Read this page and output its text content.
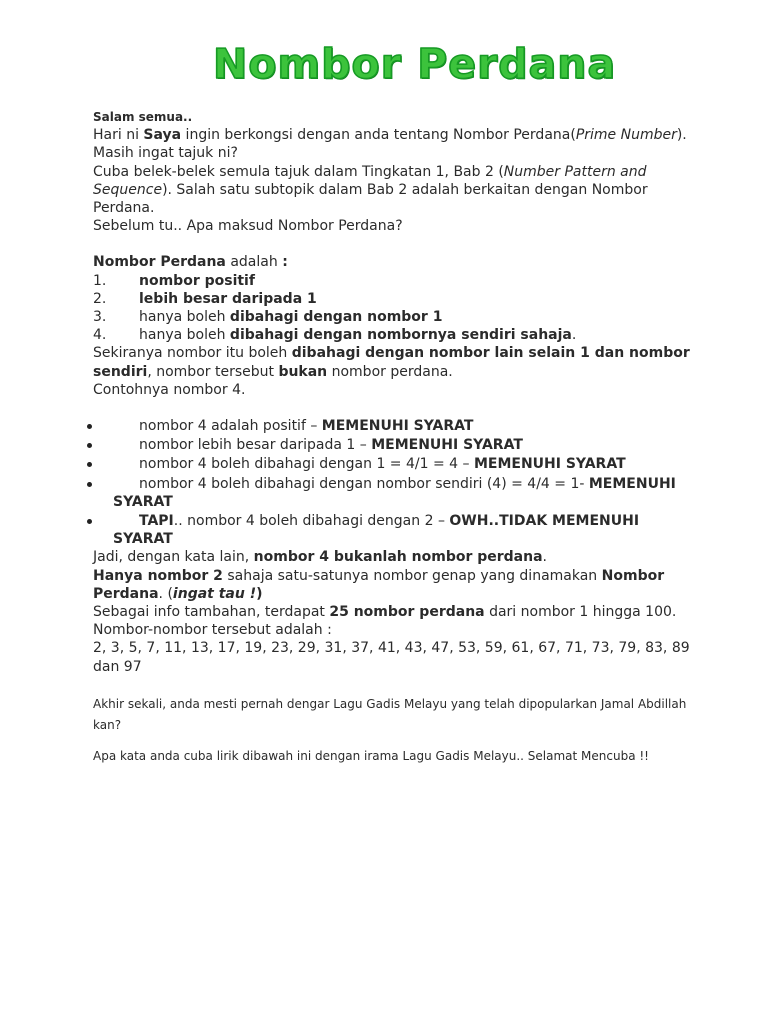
Nombor Perdana

Salam semua..

Hari ni Saya ingin berkongsi dengan anda tentang Nombor Perdana(Prime Number).

Masih ingat tajuk ni?

Cuba belek-belek semula tajuk dalam Tingkatan 1, Bab 2 (Number Pattern and

Sequence). Salah satu subtopik dalam Bab 2 adalah berkaitan dengan Nombor

Perdana.

Sebelum tu.. Apa maksud Nombor Perdana?

Nombor Perdana adalah :

1. nombor positif
2. lebih besar daripada 1
3. hanya boleh dibahagi dengan nombor 1
4. hanya boleh dibahagi dengan nombornya sendiri sahaja.

Sekiranya nombor itu boleh dibahagi dengan nombor lain selain 1 dan nombor

sendiri, nombor tersebut bukan nombor perdana.

Contohnya nombor 4.

nombor 4 adalah positif – MEMENUHI SYARAT
nombor lebih besar daripada 1 – MEMENUHI SYARAT
nombor 4 boleh dibahagi dengan 1 = 4/1 = 4 – MEMENUHI SYARAT
nombor 4 boleh dibahagi dengan nombor sendiri (4) = 4/4 = 1- MEMENUHI
SYARAT
TAPI.. nombor 4 boleh dibahagi dengan 2 – OWH..TIDAK MEMENUHI
SYARAT

Jadi, dengan kata lain, nombor 4 bukanlah nombor perdana.

Hanya nombor 2 sahaja satu-satunya nombor genap yang dinamakan Nombor

Perdana. (ingat tau !)

Sebagai info tambahan, terdapat 25 nombor perdana dari nombor 1 hingga 100.

Nombor-nombor tersebut adalah :

2, 3, 5, 7, 11, 13, 17, 19, 23, 29, 31, 37, 41, 43, 47, 53, 59, 61, 67, 71, 73, 79, 83, 89

dan 97

Akhir sekali, anda mesti pernah dengar Lagu Gadis Melayu yang telah dipopularkan Jamal Abdillah

kan?

Apa kata anda cuba lirik dibawah ini dengan irama Lagu Gadis Melayu.. Selamat Mencuba !!
